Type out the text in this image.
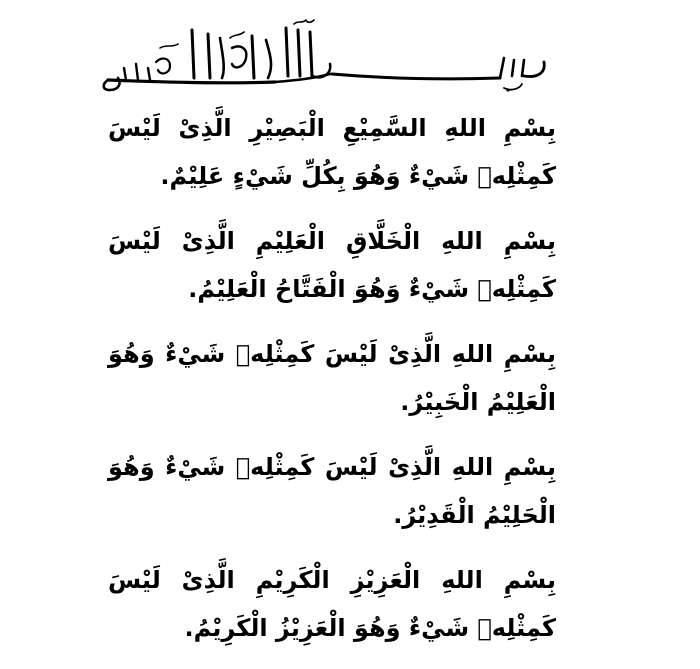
بِسْمِ اللهِ السَّمِيْعِ الْبَصِيْرِ الَّذِىْ لَيْسَ كَمِثْلِهٖ شَيْءٌ وَهُوَ بِكُلِّ شَيْءٍ عَلِيْمٌ.

بِسْمِ اللهِ الْخَلَّاقِ الْعَلِيْمِ الَّذِىْ لَيْسَ كَمِثْلِهٖ شَيْءٌ وَهُوَ الْفَتَّاحُ الْعَلِيْمُ.

بِسْمِ اللهِ الَّذِىْ لَيْسَ كَمِثْلِهٖ شَيْءٌ وَهُوَ الْعَلِيْمُ الْخَبِيْرُ.

بِسْمِ اللهِ الَّذِىْ لَيْسَ كَمِثْلِهٖ شَيْءٌ وَهُوَ الْحَلِيْمُ الْقَدِيْرُ.

بِسْمِ اللهِ الْعَزِيْزِ الْكَرِيْمِ الَّذِىْ لَيْسَ كَمِثْلِهٖ شَيْءٌ وَهُوَ الْعَزِيْزُ الْكَرِيْمُ.
